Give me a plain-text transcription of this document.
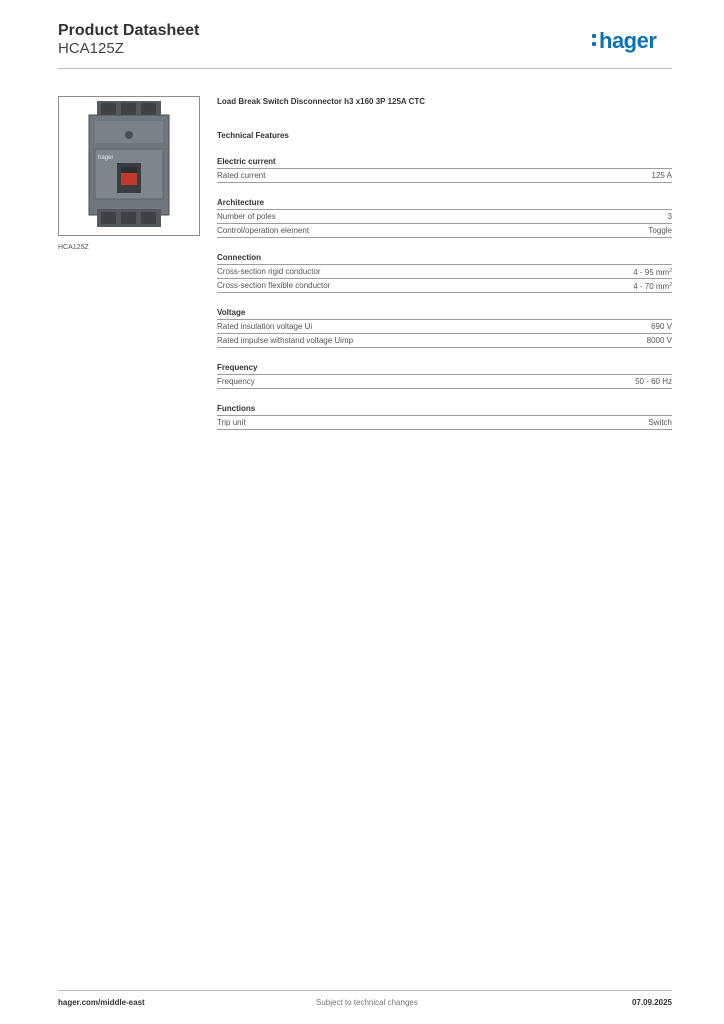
Product Datasheet
HCA125Z	hager
hager
HCA125Z
Load Break Switch Disconnector h3 x160 3P 125A CTC
Technical Features
Electric current
Rated current	125 A
Architecture
Number of poles	3
Control/operation element	Toggle
Connection
Cross-section rigid conductor	4 - 95 $mm^2$
Cross-section flexible conductor	4 - 70 $mm^2$
Voltage
Rated insulation voltage Ui	690 V
Rated impulse withstand voltage Uimp	8000 V
Frequency
Frequency	50 - 60 Hz
Functions
Trip unit	Switch
hager.com/middle-east	Subject to technical changes	07.09.2025
